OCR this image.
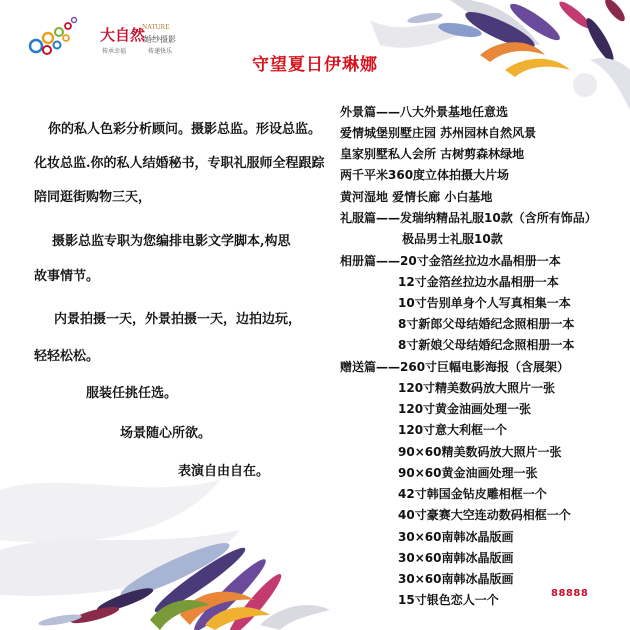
大自然
NATURE
婚纱摄影
传承幸福	传递快乐
守望夏日伊琳娜
你的私人色彩分析顾问。摄影总监。形设总监。
化妆总监.你的私人结婚秘书，专职礼服师全程跟踪
陪同逛街购物三天，
摄影总监专职为您编排电影文学脚本,构思
故事情节。
内景拍摄一天，外景拍摄一天，边拍边玩，
轻轻松松。
服装任挑任选。
场景随心所欲。
表演自由自在。
外景篇——八大外景基地任意选
爱情城堡别墅庄园 苏州园林自然风景
皇家别墅私人会所 古树剪森林绿地
两千平米360度立体拍摄大片场
黄河湿地 爱情长廊 小白基地
礼服篇——发瑞纳精品礼服10款（含所有饰品）
极品男士礼服10款
相册篇——20寸金箔丝拉边水晶相册一本
12寸金箔丝拉边水晶相册一本
10寸告别单身个人写真相集一本
8寸新郎父母结婚纪念照相册一本
8寸新娘父母结婚纪念照相册一本
赠送篇——260寸巨幅电影海报（含展架）
120寸精美数码放大照片一张
120寸黄金油画处理一张
120寸意大利框一个
90×60精美数码放大照片一张
90×60黄金油画处理一张
42寸韩国金钻皮雕相框一个
40寸豪赛大空连动数码相框一个
30×60南韩冰晶版画
30×60南韩冰晶版画
30×60南韩冰晶版画
15寸银色恋人一个	88888
